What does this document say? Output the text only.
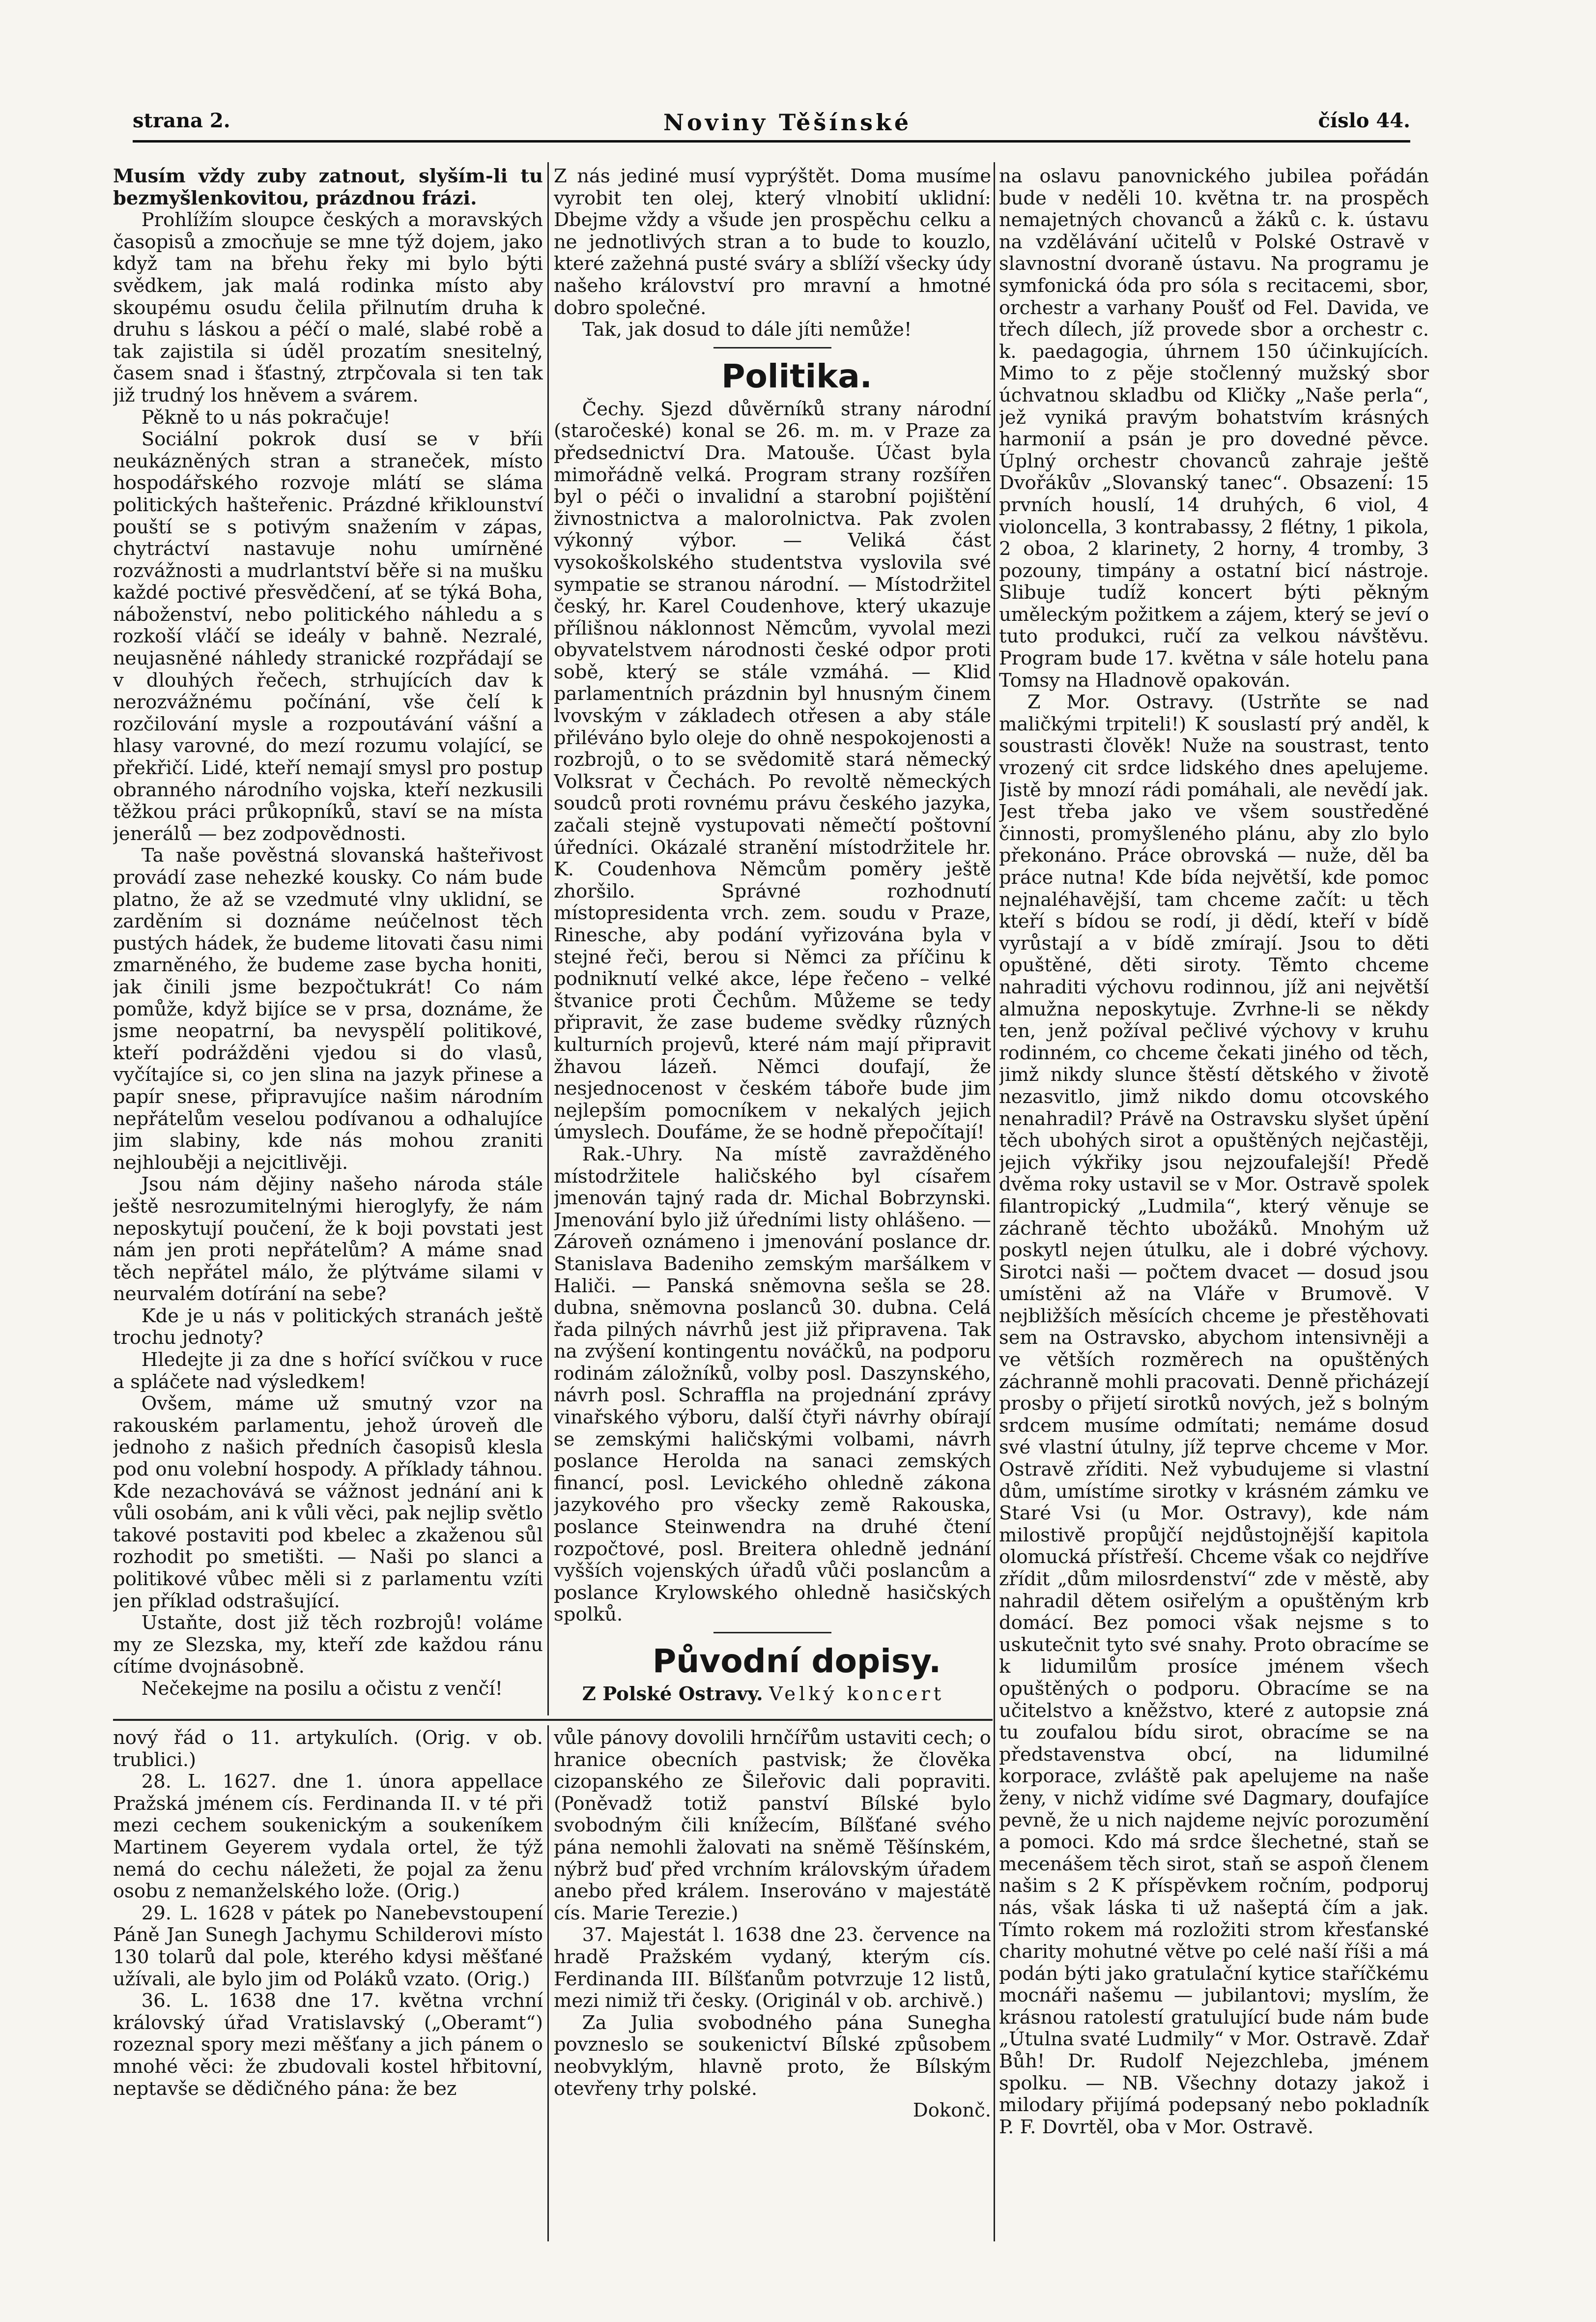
strana 2.	Noviny Těšínské	číslo 44.

Musím vždy zuby zatnout, slyším-li tu bezmyšlenkovitou, prázdnou frázi.

Prohlížím sloupce českých a moravských časopisů a zmocňuje se mne týž dojem, jako když tam na břehu řeky mi bylo býti svědkem, jak malá rodinka místo aby skoupému osudu čelila přilnutím druha k druhu s láskou a péčí o malé, slabé robě a tak zajistila si úděl prozatím snesitelný, časem snad i šťastný, ztrpčovala si ten tak již trudný los hněvem a svárem.

Pěkně to u nás pokračuje!

Sociální pokrok dusí se v bříi neukázněných stran a straneček, místo hospodářského rozvoje mlátí se sláma politických hašteřenic. Prázdné křiklounství pouští se s potivým snažením v zápas, chytráctví nastavuje nohu umírněné rozvážnosti a mudrlantství běře si na mušku každé poctivé přesvědčení, ať se týká Boha, náboženství, nebo politického náhledu a s rozkoší vláčí se ideály v bahně. Nezralé, neujasněné náhledy stranické rozpřádají se v dlouhých řečech, strhujících dav k nerozvážnému počínání, vše čelí k rozčilování mysle a rozpoutávání vášní a hlasy varovné, do mezí rozumu volající, se překřičí. Lidé, kteří nemají smysl pro postup obranného národního vojska, kteří nezkusili těžkou práci průkopníků, staví se na místa jenerálů — bez zodpovědnosti.

Ta naše pověstná slovanská hašteřivost provádí zase nehezké kousky. Co nám bude platno, že až se vzedmuté vlny uklidní, se zarděním si doznáme neúčelnost těch pustých hádek, že budeme litovati času nimi zmarněného, že budeme zase bycha honiti, jak činili jsme bezpočtukrát! Co nám pomůže, když bijíce se v prsa, doznáme, že jsme neopatrní, ba nevyspělí politikové, kteří podrážděni vjedou si do vlasů, vyčítajíce si, co jen slina na jazyk přinese a papír snese, připravujíce našim národním nepřátelům veselou podívanou a odhalujíce jim slabiny, kde nás mohou zraniti nejhlouběji a nejcitlivěji.

Jsou nám dějiny našeho národa stále ještě nesrozumitelnými hieroglyfy, že nám neposkytují poučení, že k boji povstati jest nám jen proti nepřátelům? A máme snad těch nepřátel málo, že plýtváme silami v neurvalém dotírání na sebe?

Kde je u nás v politických stranách ještě trochu jednoty?

Hledejte ji za dne s hořící svíčkou v ruce a spláčete nad výsledkem!

Ovšem, máme už smutný vzor na rakouském parlamentu, jehož úroveň dle jednoho z našich předních časopisů klesla pod onu volební hospody. A příklady táhnou. Kde nezachovává se vážnost jednání ani k vůli osobám, ani k vůli věci, pak nejlip světlo takové postaviti pod kbelec a zkaženou sůl rozhodit po smetišti. — Naši po slanci a politikové vůbec měli si z parlamentu vzíti jen příklad odstrašující.

Ustaňte, dost již těch rozbrojů! voláme my ze Slezska, my, kteří zde každou ránu cítíme dvojnásobně.

Nečekejme na posilu a očistu z venčí!

Z nás jediné musí vyprýštět. Doma musíme vyrobit ten olej, který vlnobití uklidní: Dbejme vždy a všude jen prospěchu celku a ne jednotlivých stran a to bude to kouzlo, které zažehná pusté sváry a sblíží všecky údy našeho království pro mravní a hmotné dobro společné.

Tak, jak dosud to dále jíti nemůže!

Politika.

Čechy. Sjezd důvěrníků strany národní (staročeské) konal se 26. m. m. v Praze za předsednictví Dra. Matouše. Účast byla mimořádně velká. Program strany rozšířen byl o péči o invalidní a starobní pojištění živnostnictva a malorolnictva. Pak zvolen výkonný výbor. — Veliká část vysokoškolského studentstva vyslovila své sympatie se stranou národní. — Místodržitel český, hr. Karel Coudenhove, který ukazuje přílišnou náklonnost Němcům, vyvolal mezi obyvatelstvem národnosti české odpor proti sobě, který se stále vzmáhá. — Klid parlamentních prázdnin byl hnusným činem lvovským v základech otřesen a aby stále přiléváno bylo oleje do ohně nespokojenosti a rozbrojů, o to se svědomitě stará německý Volksrat v Čechách. Po revoltě německých soudců proti rovnému právu českého jazyka, začali stejně vystupovati němečtí poštovní úředníci. Okázalé stranění místodržitele hr. K. Coudenhova Němcům poměry ještě zhoršilo. Správné rozhodnutí místopresidenta vrch. zem. soudu v Praze, Rinesche, aby podání vyřizována byla v stejné řeči, berou si Němci za příčinu k podniknutí velké akce, lépe řečeno – velké štvanice proti Čechům. Můžeme se tedy připravit, že zase budeme svědky různých kulturních projevů, které nám mají připravit žhavou lázeň. Němci doufají, že nesjednocenost v českém táboře bude jim nejlepším pomocníkem v nekalých jejich úmyslech. Doufáme, že se hodně přepočítají!

Rak.-Uhry. Na místě zavražděného místodržitele haličského byl císařem jmenován tajný rada dr. Michal Bobrzynski. Jmenování bylo již úředními listy ohlášeno. — Zároveň oznámeno i jmenování poslance dr. Stanislava Badeniho zemským maršálkem v Haliči. — Panská sněmovna sešla se 28. dubna, sněmovna poslanců 30. dubna. Celá řada pilných návrhů jest již připravena. Tak na zvýšení kontingentu nováčků, na podporu rodinám záložníků, volby posl. Daszynského, návrh posl. Schraffla na projednání zprávy vinařského výboru, další čtyři návrhy obírají se zemskými haličskými volbami, návrh poslance Herolda na sanaci zemských financí, posl. Levického ohledně zákona jazykového pro všecky země Rakouska, poslance Steinwendra na druhé čtení rozpočtové, posl. Breitera ohledně jednání vyšších vojenských úřadů vůči poslancům a poslance Krylowského ohledně hasičských spolků.

Původní dopisy.

Z Polské Ostravy. Velký koncert

na oslavu panovnického jubilea pořádán bude v neděli 10. května tr. na prospěch nemajetných chovanců a žáků c. k. ústavu na vzdělávání učitelů v Polské Ostravě v slavnostní dvoraně ústavu. Na programu je symfonická óda pro sóla s recitacemi, sbor, orchestr a varhany Poušť od Fel. Davida, ve třech dílech, jíž provede sbor a orchestr c. k. paedagogia, úhrnem 150 účinkujících. Mimo to z pěje stočlenný mužský sbor úchvatnou skladbu od Kličky „Naše perla“, jež vyniká pravým bohatstvím krásných harmonií a psán je pro dovedné pěvce. Úplný orchestr chovanců zahraje ještě Dvořákův „Slovanský tanec“. Obsazení: 15 prvních houslí, 14 druhých, 6 viol, 4 violoncella, 3 kontrabassy, 2 flétny, 1 pikola, 2 oboa, 2 klarinety, 2 horny, 4 tromby, 3 pozouny, timpány a ostatní bicí nástroje. Slibuje tudíž koncert býti pěkným uměleckým požitkem a zájem, který se jeví o tuto produkci, ručí za velkou návštěvu. Program bude 17. května v sále hotelu pana Tomsy na Hladnově opakován.

Z Mor. Ostravy. (Ustrňte se nad maličkými trpiteli!) K souslastí prý anděl, k soustrasti člověk! Nuže na soustrast, tento vrozený cit srdce lidského dnes apelujeme. Jistě by mnozí rádi pomáhali, ale nevědí jak. Jest třeba jako ve všem soustředěné činnosti, promyšleného plánu, aby zlo bylo překonáno. Práce obrovská — nuže, děl ba práce nutna! Kde bída největší, kde pomoc nejnaléhavější, tam chceme začít: u těch kteří s bídou se rodí, ji dědí, kteří v bídě vyrůstají a v bídě zmírají. Jsou to děti opuštěné, děti siroty. Těmto chceme nahraditi výchovu rodinnou, jíž ani největší almužna neposkytuje. Zvrhne-li se někdy ten, jenž požíval pečlivé výchovy v kruhu rodinném, co chceme čekati jiného od těch, jimž nikdy slunce štěstí dětského v životě nezasvitlo, jimž nikdo domu otcovského nenahradil? Právě na Ostravsku slyšet úpění těch ubohých sirot a opuštěných nejčastěji, jejich výkřiky jsou nejzoufalejší! Předě dvěma roky ustavil se v Mor. Ostravě spolek filantropický „Ludmila“, který věnuje se záchraně těchto ubožáků. Mnohým už poskytl nejen útulku, ale i dobré výchovy. Sirotci naši — počtem dvacet — dosud jsou umístěni až na Vláře v Brumově. V nejbližších měsících chceme je přestěhovati sem na Ostravsko, abychom intensivněji a ve větších rozměrech na opuštěných záchranně mohli pracovati. Denně přicházejí prosby o přijetí sirotků nových, jež s bolným srdcem musíme odmítati; nemáme dosud své vlastní útulny, jíž teprve chceme v Mor. Ostravě zříditi. Než vybudujeme si vlastní dům, umístíme sirotky v krásném zámku ve Staré Vsi (u Mor. Ostravy), kde nám milostivě propůjčí nejdůstojnější kapitola olomucká přístřeší. Chceme však co nejdříve zřídit „dům milosrdenství“ zde v městě, aby nahradil dětem osiřelým a opuštěným krb domácí. Bez pomoci však nejsme s to uskutečnit tyto své snahy. Proto obracíme se k lidumilům prosíce jménem všech opuštěných o podporu. Obracíme se na učitelstvo a kněžstvo, které z autopsie zná tu zoufalou bídu sirot, obracíme se na představenstva obcí, na lidumilné korporace, zvláště pak apelujeme na naše ženy, v nichž vidíme své Dagmary, doufajíce pevně, že u nich najdeme nejvíc porozumění a pomoci. Kdo má srdce šlechetné, staň se mecenášem těch sirot, staň se aspoň členem našim s 2 K příspěvkem ročním, podporuj nás, však láska ti už našeptá čím a jak. Tímto rokem má rozložiti strom křesťanské charity mohutné větve po celé naší říši a má podán býti jako gratulační kytice staříčkému mocnáři našemu — jubilantovi; myslím, že krásnou ratolestí gratulující bude nám bude „Útulna svaté Ludmily“ v Mor. Ostravě. Zdař Bůh! Dr. Rudolf Nejezchleba, jménem spolku. — NB. Všechny dotazy jakož i milodary přijímá podepsaný nebo pokladník P. F. Dovrtěl, oba v Mor. Ostravě.

nový řád o 11. artykulích. (Orig. v ob. trublici.)

28. L. 1627. dne 1. února appellace Pražská jménem cís. Ferdinanda II. v té při mezi cechem soukenickým a soukeníkem Martinem Geyerem vydala ortel, že týž nemá do cechu náležeti, že pojal za ženu osobu z nemanželského lože. (Orig.)

29. L. 1628 v pátek po Nanebevstoupení Páně Jan Sunegh Jachymu Schilderovi místo 130 tolarů dal pole, kterého kdysi měšťané užívali, ale bylo jim od Poláků vzato. (Orig.)

36. L. 1638 dne 17. května vrchní královský úřad Vratislavský („Oberamt“) rozeznal spory mezi měšťany a jich pánem o mnohé věci: že zbudovali kostel hřbitovní, neptavše se dědičného pána: že bez

vůle pánovy dovolili hrnčířům ustaviti cech; o hranice obecních pastvisk; že člověka cizopanského ze Šileřovic dali popraviti. (Poněvadž totiž panství Bílské bylo svobodným čili knížecím, Bílšťané svého pána nemohli žalovati na sněmě Těšínském, nýbrž buď před vrchním královským úřadem anebo před králem. Inserováno v majestátě cís. Marie Terezie.)

37. Majestát l. 1638 dne 23. července na hradě Pražském vydaný, kterým cís. Ferdinanda III. Bílšťanům potvrzuje 12 listů, mezi nimiž tři česky. (Originál v ob. archivě.)

Za Julia svobodného pána Sunegha povzneslo se soukenictví Bílské způsobem neobvyklým, hlavně proto, že Bílským otevřeny trhy polské.

Dokonč.
